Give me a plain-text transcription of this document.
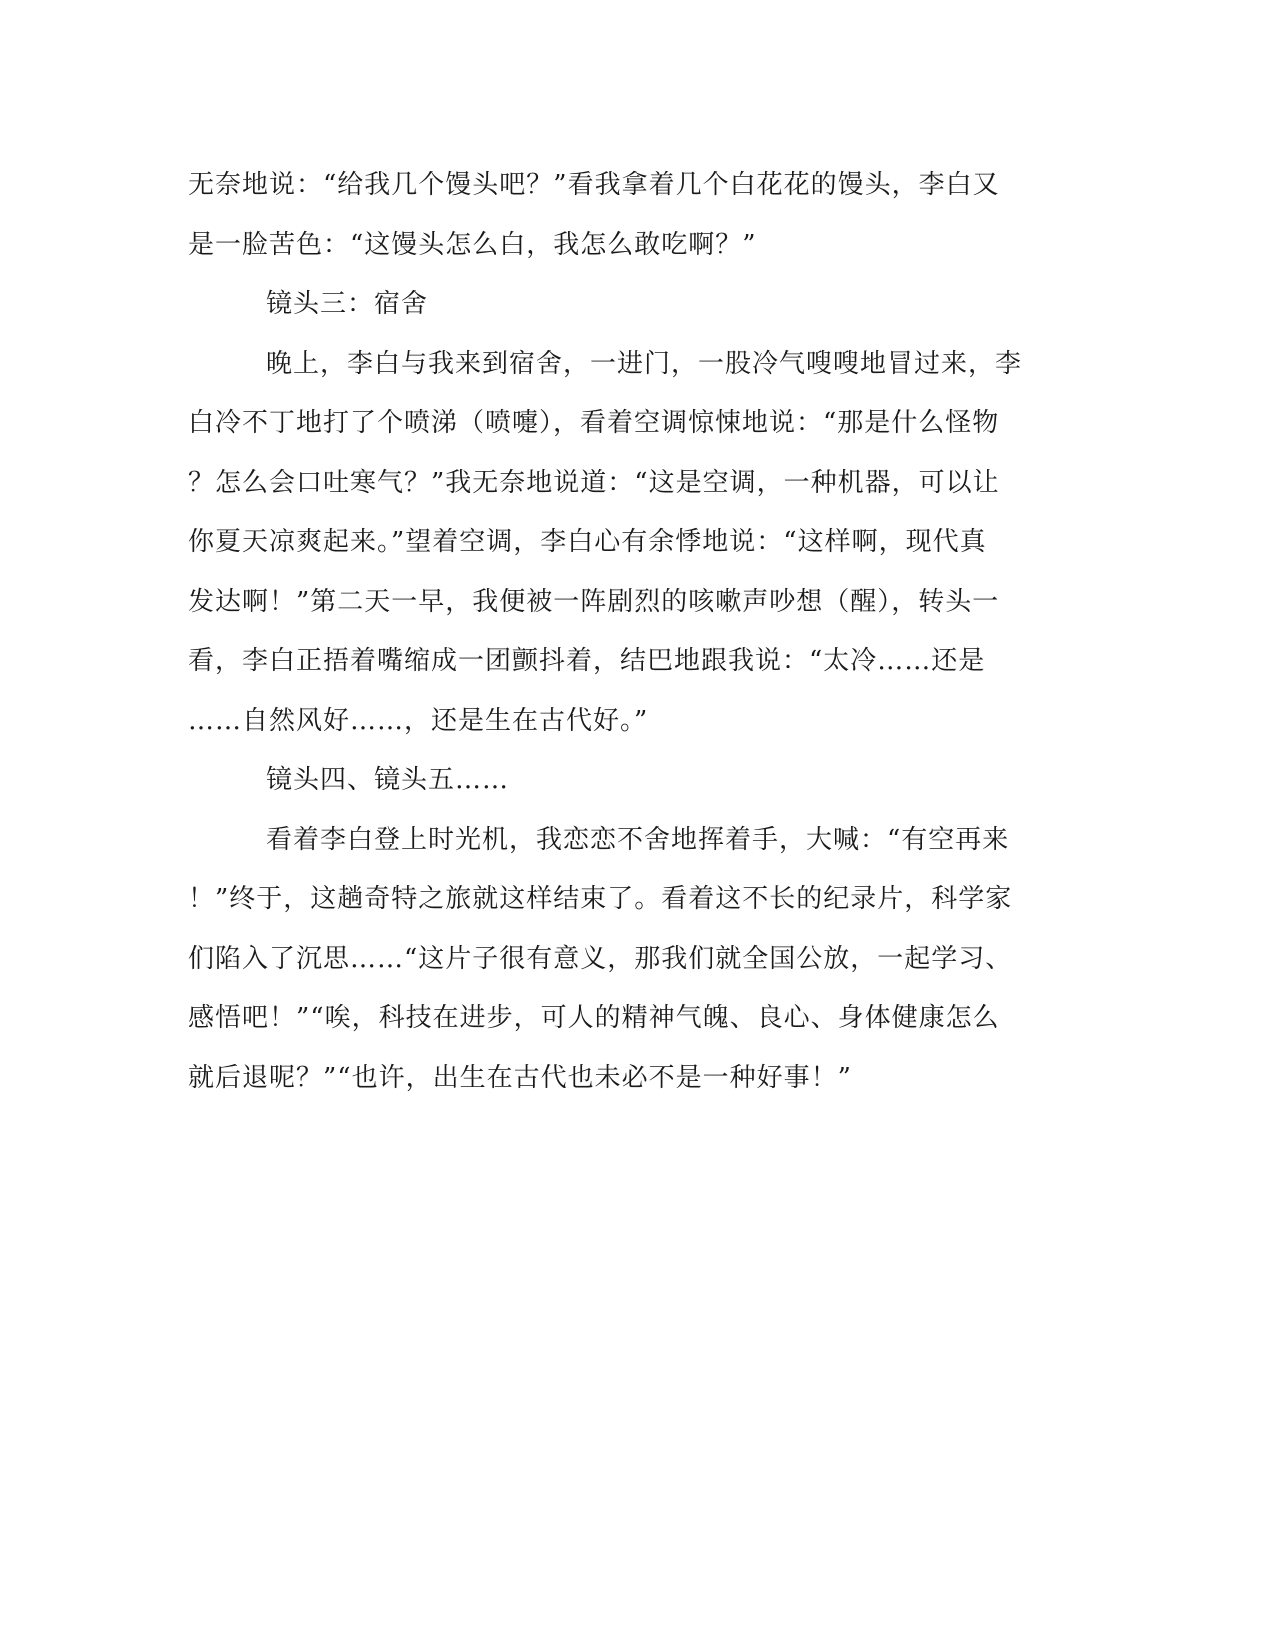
无奈地说：“给我几个馒头吧？”看我拿着几个白花花的馒头，李白又
是一脸苦色：“这馒头怎么白，我怎么敢吃啊？”
镜头三：宿舍
晚上，李白与我来到宿舍，一进门，一股冷气嗖嗖地冒过来，李
白冷不丁地打了个喷涕（喷嚏），看着空调惊悚地说：“那是什么怪物
？怎么会口吐寒气？”我无奈地说道：“这是空调，一种机器，可以让
你夏天凉爽起来。”望着空调，李白心有余悸地说：“这样啊，现代真
发达啊！”第二天一早，我便被一阵剧烈的咳嗽声吵想（醒），转头一
看，李白正捂着嘴缩成一团颤抖着，结巴地跟我说：“太冷……还是
……自然风好……，还是生在古代好。”
镜头四、镜头五……
看着李白登上时光机，我恋恋不舍地挥着手，大喊：“有空再来
！”终于，这趟奇特之旅就这样结束了。看着这不长的纪录片，科学家
们陷入了沉思……“这片子很有意义，那我们就全国公放，一起学习、
感悟吧！”“唉，科技在进步，可人的精神气魄、良心、身体健康怎么
就后退呢？”“也许，出生在古代也未必不是一种好事！”
